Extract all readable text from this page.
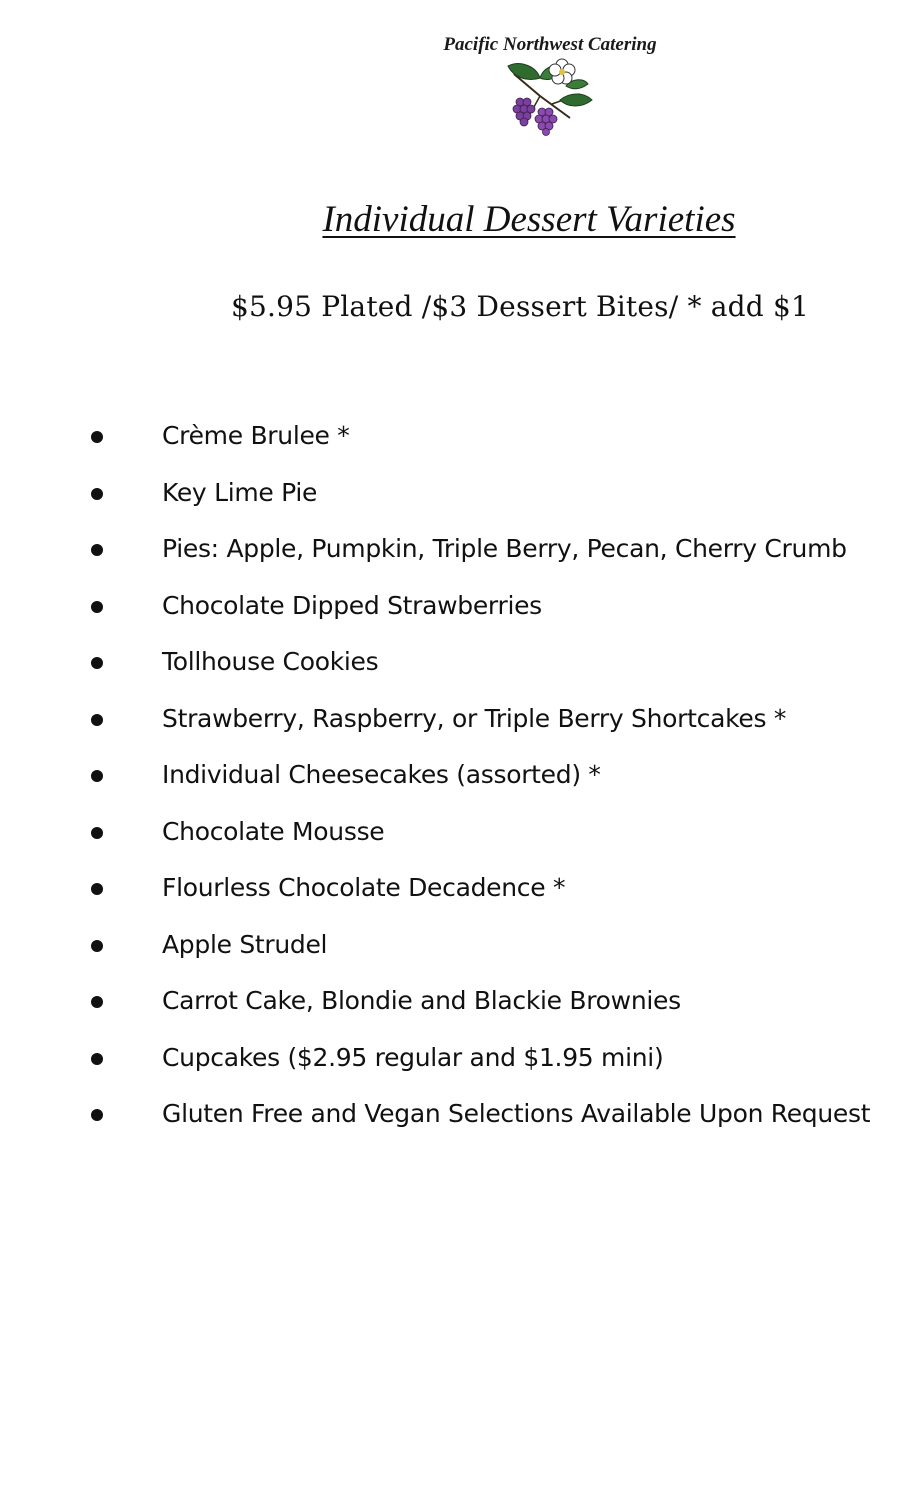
Pacific Northwest Catering
Individual Dessert Varieties
$5.95 Plated /$3 Dessert Bites/ * add $1
Crème Brulee *
Key Lime Pie
Pies: Apple, Pumpkin, Triple Berry, Pecan, Cherry Crumb
Chocolate Dipped Strawberries
Tollhouse Cookies
Strawberry, Raspberry, or Triple Berry Shortcakes *
Individual Cheesecakes (assorted) *
Chocolate Mousse
Flourless Chocolate Decadence *
Apple Strudel
Carrot Cake, Blondie and Blackie Brownies
Cupcakes ($2.95 regular and $1.95 mini)
Gluten Free and Vegan Selections Available Upon Request
